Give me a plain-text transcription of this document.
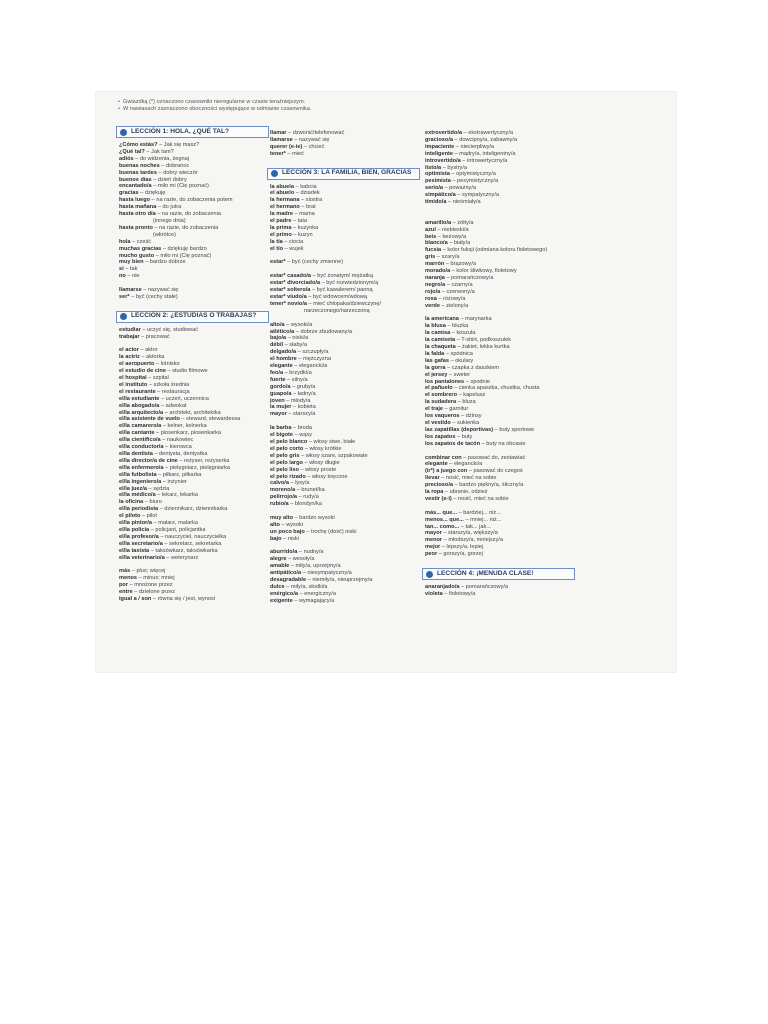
• Gwiazdką (*) oznaczono czasowniki nieregularne w czasie teraźniejszym.
• W nawiasach zaznaczono oboczności występujące w odmianie czasownika.
LECCIÓN 1: HOLA, ¿QUÉ TAL?
¿Cómo estás? – Jak się masz?
¿Qué tal? – Jak tam?
adiós – do widzenia, żegnaj
buenas noches – dobranoc
buenas tardes – dobry wieczór
buenos días – dzień dobry
encantado/a – miło mi (Cię poznać)
gracias – dziękuję
hasta luego – na razie, do zobaczenia potem
hasta mañana – do jutra
hasta otro día – na razie, do zobaczenia
(innego dnia)
hasta pronto – na razie, do zobaczenia
(wkrótce)
hola – cześć
muchas gracias – dziękuję bardzo
mucho gusto – miło mi (Cię poznać)
muy bien – bardzo dobrze
sí – tak
no – nie
llamarse – nazywać się
ser* – być (cechy stałe)
LECCIÓN 2: ¿ESTUDIAS O TRABAJAS?
estudiar – uczyć się, studiować
trabajar – pracować
el actor – aktor
la actriz – aktorka
el aeropuerto – lotnisko
el estudio de cine – studio filmowe
el hospital – szpital
el instituto – szkoła średnia
el restaurante – restauracja
el/la estudiante – uczeń, uczennica
el/la abogado/a – adwokat
el/la arquitecto/a – architekt, architektka
el/la asistente de vuelo – steward, stewardessa
el/la camarero/a – kelner, kelnerka
el/la cantante – piosenkarz, piosenkarka
el/la científico/a – naukowiec
el/la conductor/a – kierowca
el/la dentista – dentysta, dentystka
el/la director/a de cine – reżyser, reżyserka
el/la enfermero/a – pielęgniarz, pielęgniarka
el/la futbolista – piłkarz, piłkarka
el/la ingeniero/a – inżynier
el/la juez/a – sędzia
el/la médico/a – lekarz, lekarka
la oficina – biuro
el/la periodista – dziennikarz, dziennikarka
el piloto – pilot
el/la pintor/a – malarz, malarka
el/la policía – policjant, policjantka
el/la profesor/a – nauczyciel, nauczycielka
el/la secretario/a – sekretarz, sekretarka
el/la taxista – taksówkarz, taksówkarka
el/la veterinario/a – weterynarz
más – plus; więcej
menos – minus; mniej
por – mnożone przez
entre – dzielone przez
igual a / son – równa się / jest, wynosi
llamar – dzwonić/telefonować
llamarse – nazywać się
querer (e-ie) – chcieć
tener* – mieć
LECCIÓN 3: LA FAMILIA, BIEN, GRACIAS
la abuela – babcia
el abuelo – dziadek
la hermana – siostra
el hermano – brat
la madre – mama
el padre – tata
la prima – kuzynka
el primo – kuzyn
la tía – ciocia
el tío – wujek
estar* – być (cechy zmienne)
estar* casado/a – być żonatym/ mężatką
estar* divorciado/a – być rozwiedzionym/ą
estar* soltero/a – być kawalerem/ panną
estar* viudo/a – być wdowcem/wdową
tener* novio/a – mieć chłopaka/dziewczynę/
narzeczonego/narzeczoną
alto/a – wysoki/a
atlético/a – dobrze zbudowany/a
bajo/a – niski/a
débil – słaby/a
delgado/a – szczupły/a
el hombre – mężczyzna
elegante – elegancki/a
feo/a – brzydki/a
fuerte – silny/a
gordo/a – gruby/a
guapo/a – ładny/a
joven – młody/a
la mujer – kobieta
mayor – starszy/a
la barba – broda
el bigote – wąsy
el pelo blanco – włosy siwe, białe
el pelo corto – włosy krótkie
el pelo gris – włosy szare, szpakowate
el pelo largo – włosy długie
el pelo liso – włosy proste
el pelo rizado – włosy kręcone
calvo/a – łysy/a
moreno/a – brunet/ka
pelirrojo/a – rudy/a
rubio/a – blondyn/ka
muy alto – bardzo wysoki
alto – wysoki
un poco bajo – trochę (dość) niski
bajo – niski
aburrido/a – nudny/a
alegre – wesoły/a
amable – miły/a, uprzejmy/a
antipático/a – niesympatyczny/a
desagradable – niemiły/a, nieuprzejmy/a
dulce – miły/a, słodki/a
enérgico/a – energiczny/a
exigente – wymagający/a
extrovertido/a – ekstrawertyczny/a
gracioso/a – dowcipny/a, zabawny/a
impaciente – niecierpliwy/a
inteligente – mądry/a, inteligentny/a
introvertido/a – introwertyczny/a
listo/a – bystry/a
optimista – optymistyczny/a
pesimista – pesymistyczny/a
serio/a – poważny/a
simpático/a – sympatyczny/a
tímido/a – nieśmiały/a
amarillo/a – żółty/a
azul – niebieski/a
beis – beżowy/a
blanco/a – biały/a
fucsia – kolor fuksji (odmiana koloru fioletowego)
gris – szary/a
marrón – brązowy/a
morado/a – kolor śliwkowy, fioletowy
naranja – pomarańczowy/a
negro/a – czarny/a
rojo/a – czerwony/a
rosa – różowy/a
verde – zielony/a
la americana – marynarka
la blusa – bluzka
la camisa – koszula
la camiseta – T-shirt, podkoszulek
la chaqueta – żakiet, lekka kurtka
la falda – spódnica
las gafas – okulary
la gorra – czapka z daszkiem
el jersey – sweter
los pantalones – spodnie
el pañuelo – cienka apaszka, chustka, chusta
el sombrero – kapelusz
la sudadera – bluza
el traje – garnitur
los vaqueros – dżinsy
el vestido – sukienka
las zapatillas (deportivas) – buty sportowe
los zapatos – buty
los zapatos de tacón – buty na obcasie
combinar con – pasować do, zestawiać
elegante – elegancki/a
(ir*) a juego con – pasować do czegoś
llevar – nosić, mieć na sobie
precioso/a – bardzo piękny/a, śliczny/a
la ropa – ubranie, odzież
vestir (e-i) – nosić, mieć na sobie
más... que... – bardziej... niż...
menos... que... – mniej... niż...
tan... como... – tak... jak...
mayor – starszy/a, większy/a
menor – młodszy/a, mniejszy/a
mejor – lepszy/a, lepiej
peor – gorszy/a, gorzej
LECCIÓN 4: ¡MENUDA CLASE!
anaranjado/a – pomarańczowy/a
violeta – fioletowy/a
